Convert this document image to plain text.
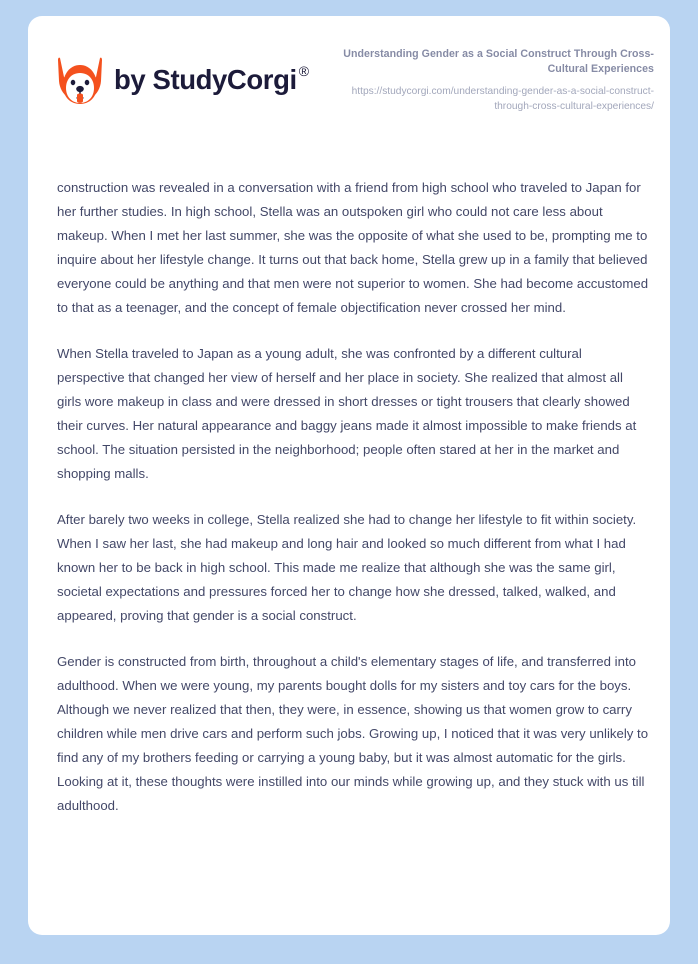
by StudyCorgi ®
Understanding Gender as a Social Construct Through Cross-Cultural Experiences
https://studycorgi.com/understanding-gender-as-a-social-construct-through-cross-cultural-experiences/

construction was revealed in a conversation with a friend from high school who traveled to Japan for her further studies. In high school, Stella was an outspoken girl who could not care less about makeup. When I met her last summer, she was the opposite of what she used to be, prompting me to inquire about her lifestyle change. It turns out that back home, Stella grew up in a family that believed everyone could be anything and that men were not superior to women. She had become accustomed to that as a teenager, and the concept of female objectification never crossed her mind.

When Stella traveled to Japan as a young adult, she was confronted by a different cultural perspective that changed her view of herself and her place in society. She realized that almost all girls wore makeup in class and were dressed in short dresses or tight trousers that clearly showed their curves. Her natural appearance and baggy jeans made it almost impossible to make friends at school. The situation persisted in the neighborhood; people often stared at her in the market and shopping malls.

After barely two weeks in college, Stella realized she had to change her lifestyle to fit within society. When I saw her last, she had makeup and long hair and looked so much different from what I had known her to be back in high school. This made me realize that although she was the same girl, societal expectations and pressures forced her to change how she dressed, talked, walked, and appeared, proving that gender is a social construct.

Gender is constructed from birth, throughout a child's elementary stages of life, and transferred into adulthood. When we were young, my parents bought dolls for my sisters and toy cars for the boys. Although we never realized that then, they were, in essence, showing us that women grow to carry children while men drive cars and perform such jobs. Growing up, I noticed that it was very unlikely to find any of my brothers feeding or carrying a young baby, but it was almost automatic for the girls. Looking at it, these thoughts were instilled into our minds while growing up, and they stuck with us till adulthood.
